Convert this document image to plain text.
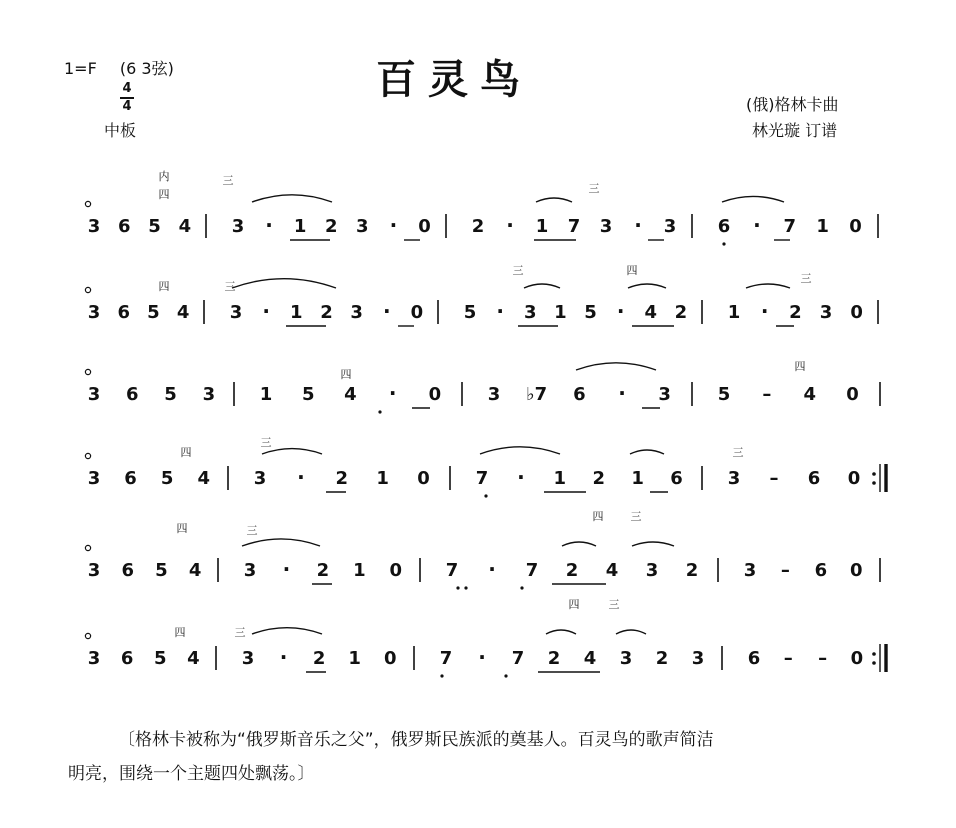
1=F (6 3弦)
4
4
中板
百灵鸟
(俄)格林卡曲
林光璇 订谱
3 6 5 4 3 · 1 2 3 · 0 2 · 1 7 3 · 3 6 · 7 1 0
3 6 5 4 3 · 1 2 3 · 0 5 · 3 1 5 · 4 2 1 · 2 3 0
3 6 5 3 1 5 4 · 0	3 ♭7 6 · 3	5 – 4 0
3 6 5 4 3 · 2 1 0	7 · 1 2 1 6 3 – 6 0
3 6 5 4 3 · 2 1 0 7 · 7 2 4 3 2	3 – 6 0
3 6 5 4 3 · 2 1 0 7 · 7 2 4 3 2 3 6 – – 0
内
四
三
三
四	三
三	四
三
四
四
四
三
三
四	三
四 三
四	三
四	三
〔格林卡被称为“俄罗斯音乐之父”，俄罗斯民族派的奠基人。百灵鸟的歌声简洁
明亮，围绕一个主题四处飘荡。〕
